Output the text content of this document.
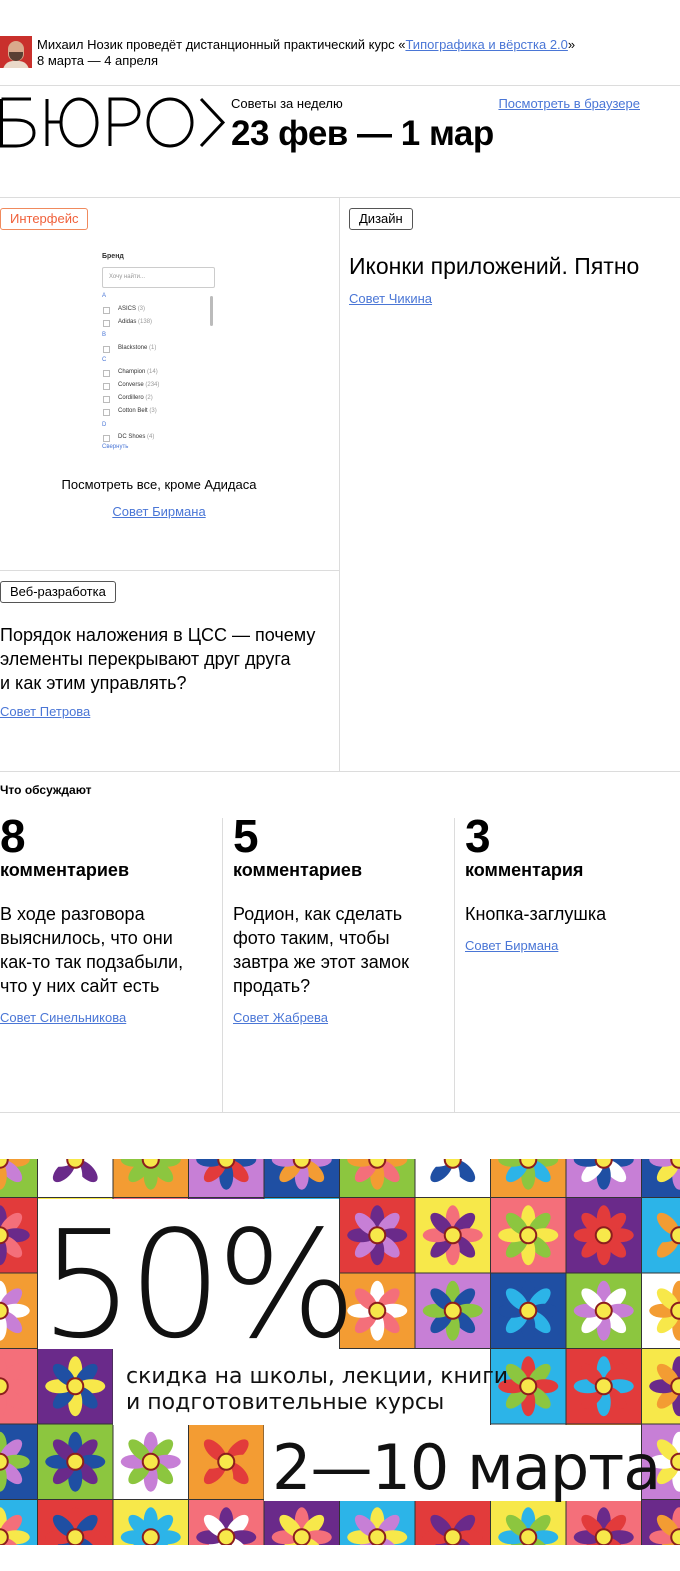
Михаил Нозик проведёт дистанционный практический курс «Типографика и вёрстка 2.0»
8 марта — 4 апреля
Советы за неделю	Посмотреть в браузере
23 фев — 1 мар
Интерфейс
Бренд
Хочу найти...
A
ASICS (3)
Adidas (138)
B
Blackstone (1)
C
Champion (14)
Converse (234)
Cordillero (2)
Cotton Belt (3)
D
DC Shoes (4)
Свернуть
Посмотреть все, кроме Адидаса
Совет Бирмана
Дизайн
Иконки приложений. Пятно
Совет Чикина
Веб-разработка
Порядок наложения в ЦСС — почему
элементы перекрывают друг друга
и как этим управлять?
Совет Петрова
Что обсуждают
8
комментариев
В ходе разговора
выяснилось, что они
как-то так подзабыли,
что у них сайт есть
Совет Синельникова
5
комментариев
Родион, как сделать
фото таким, чтобы
завтра же этот замок
продать?
Совет Жабрева
3
комментария
Кнопка-заглушка
Совет Бирмана
50%
скидка на школы, лекции, книги
и подготовительные курсы
2—10 марта
